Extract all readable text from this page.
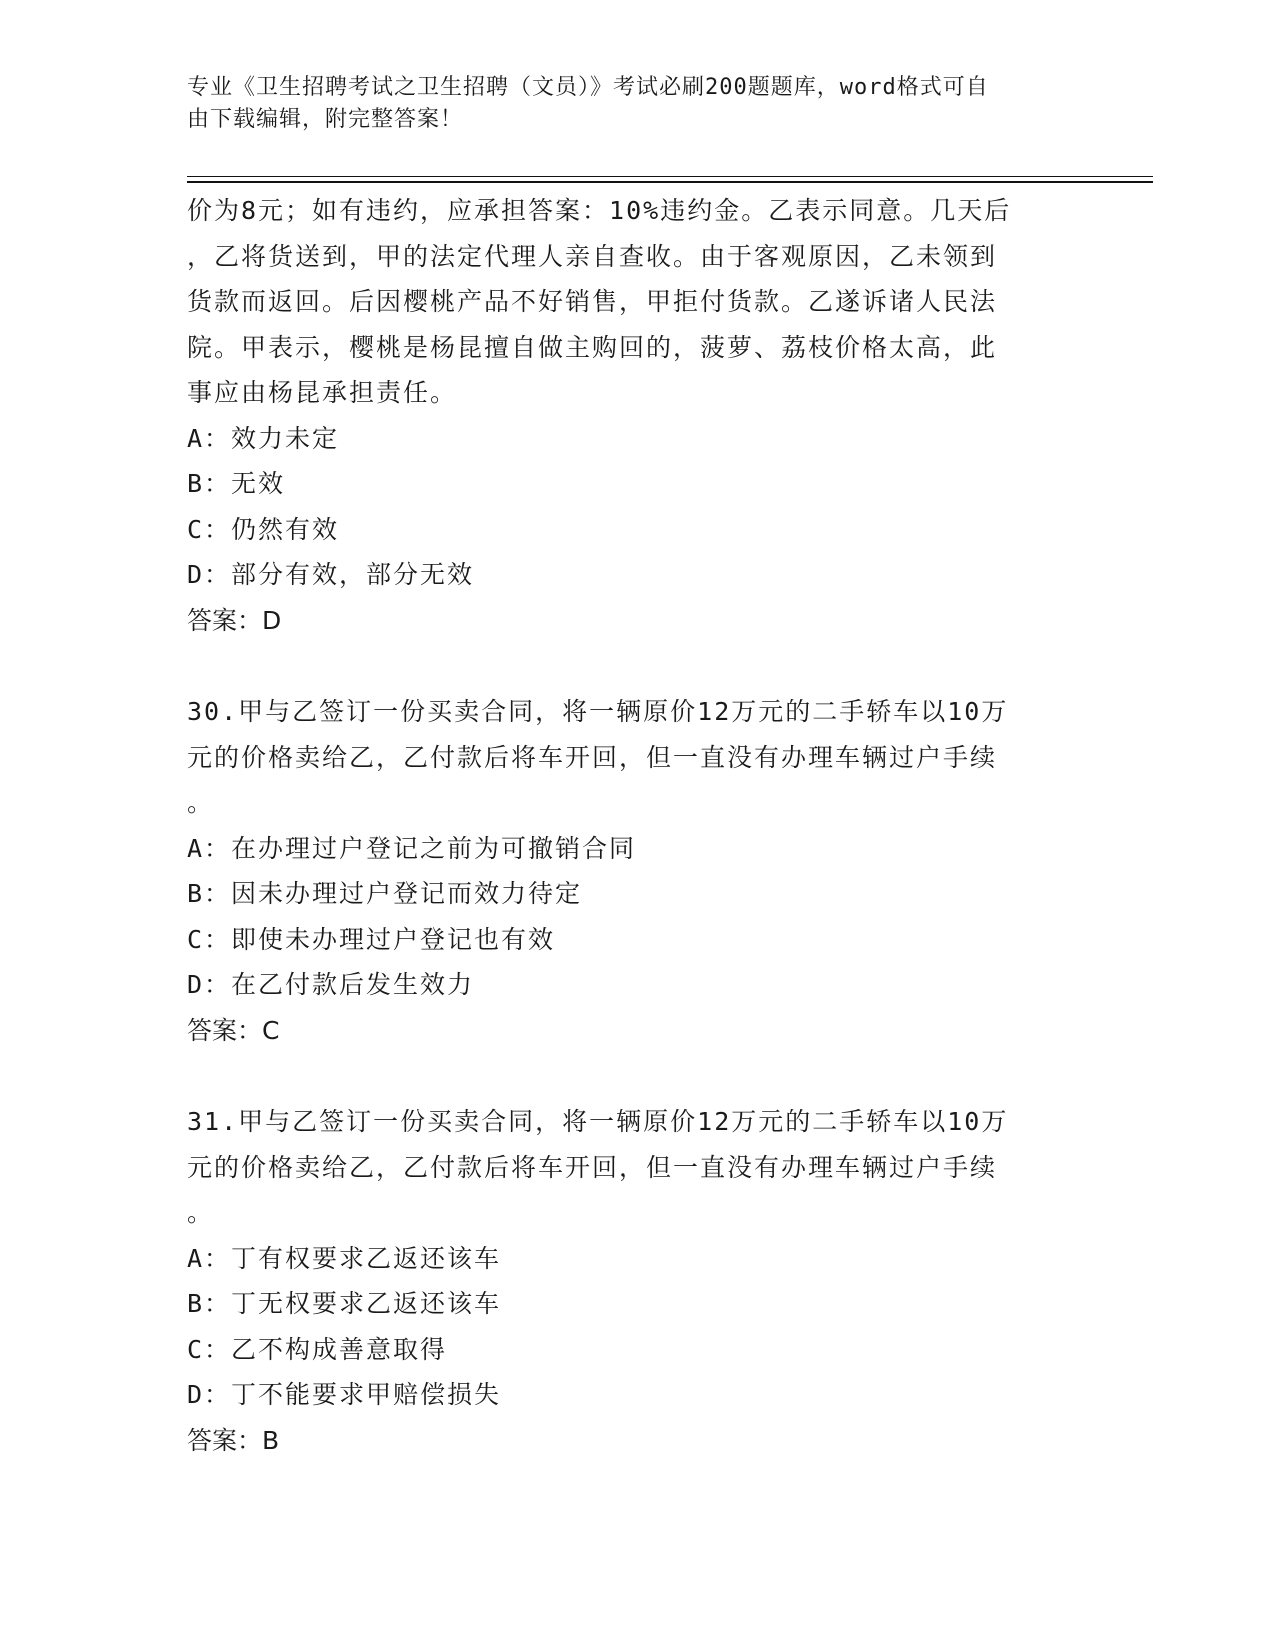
专业《卫生招聘考试之卫生招聘（文员）》考试必刷200题题库，word格式可自
由下载编辑，附完整答案！

价为8元；如有违约，应承担答案：10%违约金。乙表示同意。几天后
，乙将货送到，甲的法定代理人亲自查收。由于客观原因，乙未领到
货款而返回。后因樱桃产品不好销售，甲拒付货款。乙遂诉诸人民法
院。甲表示，樱桃是杨昆擅自做主购回的，菠萝、荔枝价格太高，此
事应由杨昆承担责任。

A：效力未定
B：无效
C：仍然有效
D：部分有效，部分无效
答案：D

30.甲与乙签订一份买卖合同，将一辆原价12万元的二手轿车以10万
元的价格卖给乙，乙付款后将车开回，但一直没有办理车辆过户手续
。

A：在办理过户登记之前为可撤销合同
B：因未办理过户登记而效力待定
C：即使未办理过户登记也有效
D：在乙付款后发生效力
答案：C

31.甲与乙签订一份买卖合同，将一辆原价12万元的二手轿车以10万
元的价格卖给乙，乙付款后将车开回，但一直没有办理车辆过户手续
。

A：丁有权要求乙返还该车
B：丁无权要求乙返还该车
C：乙不构成善意取得
D：丁不能要求甲赔偿损失
答案：B
